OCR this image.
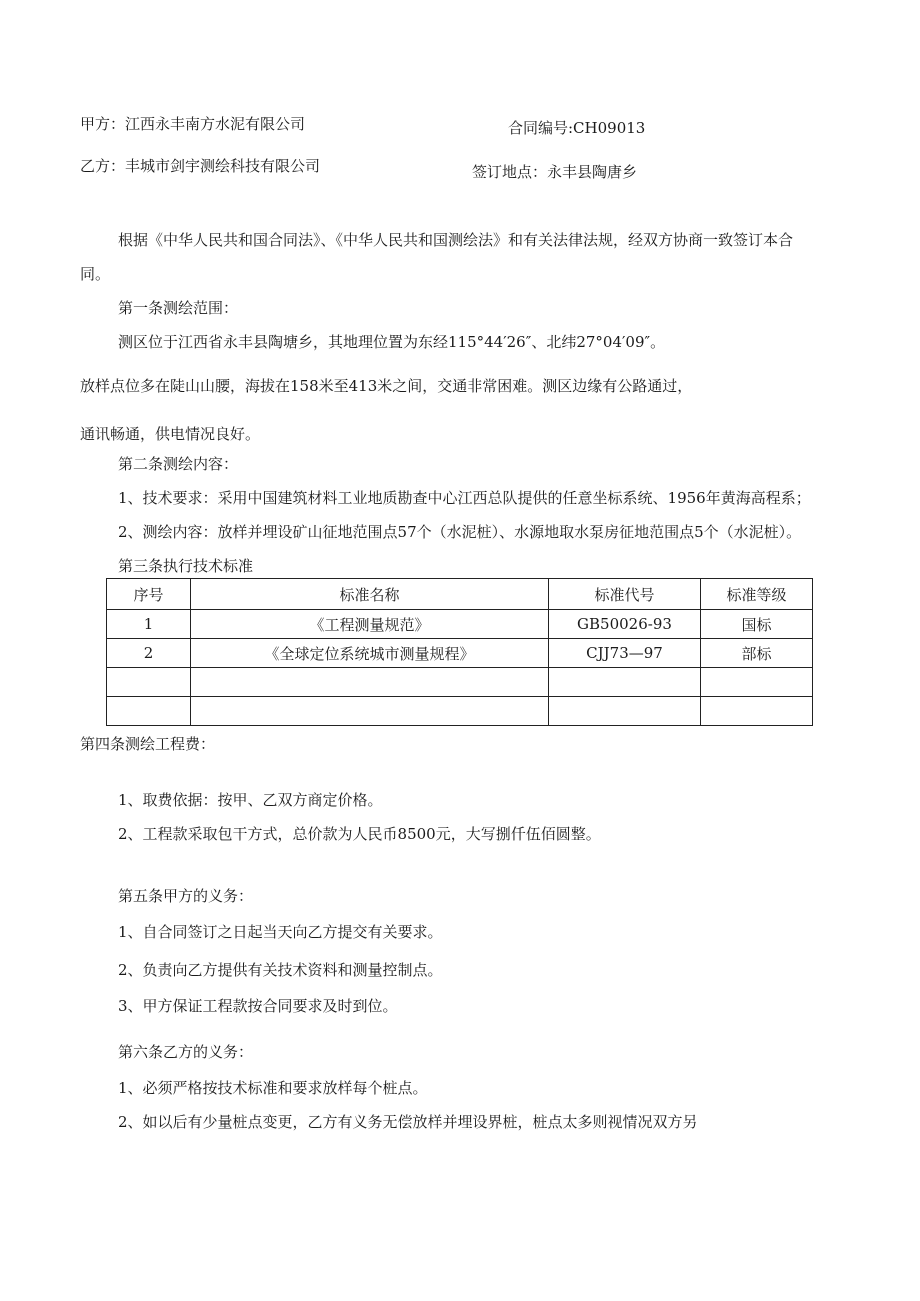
甲方：江西永丰南方水泥有限公司	合同编号:CH09013
乙方：丰城市剑宇测绘科技有限公司	签订地点：永丰县陶唐乡
根据《中华人民共和国合同法》、《中华人民共和国测绘法》和有关法律法规，经双方协商一致签订本合
同。
第一条测绘范围：
测区位于江西省永丰县陶塘乡，其地理位置为东经115°44′26″、北纬27°04′09″。
放样点位多在陡山山腰，海拔在158米至413米之间，交通非常困难。测区边缘有公路通过，
通讯畅通，供电情况良好。
第二条测绘内容：
1、技术要求：采用中国建筑材料工业地质勘查中心江西总队提供的任意坐标系统、1956年黄海高程系；
2、测绘内容：放样并埋设矿山征地范围点57个（水泥桩）、水源地取水泵房征地范围点5个（水泥桩）。
第三条执行技术标准
序号	标准名称	标准代号	标准等级
1	《工程测量规范》	GB50026-93	国标
2	《全球定位系统城市测量规程》	CJJ73—97	部标

第四条测绘工程费：
1、取费依据：按甲、乙双方商定价格。
2、工程款采取包干方式，总价款为人民币8500元，大写捌仟伍佰圆整。
第五条甲方的义务：
1、自合同签订之日起当天向乙方提交有关要求。
2、负责向乙方提供有关技术资料和测量控制点。
3、甲方保证工程款按合同要求及时到位。
第六条乙方的义务：
1、必须严格按技术标准和要求放样每个桩点。
2、如以后有少量桩点变更，乙方有义务无偿放样并埋设界桩，桩点太多则视情况双方另
